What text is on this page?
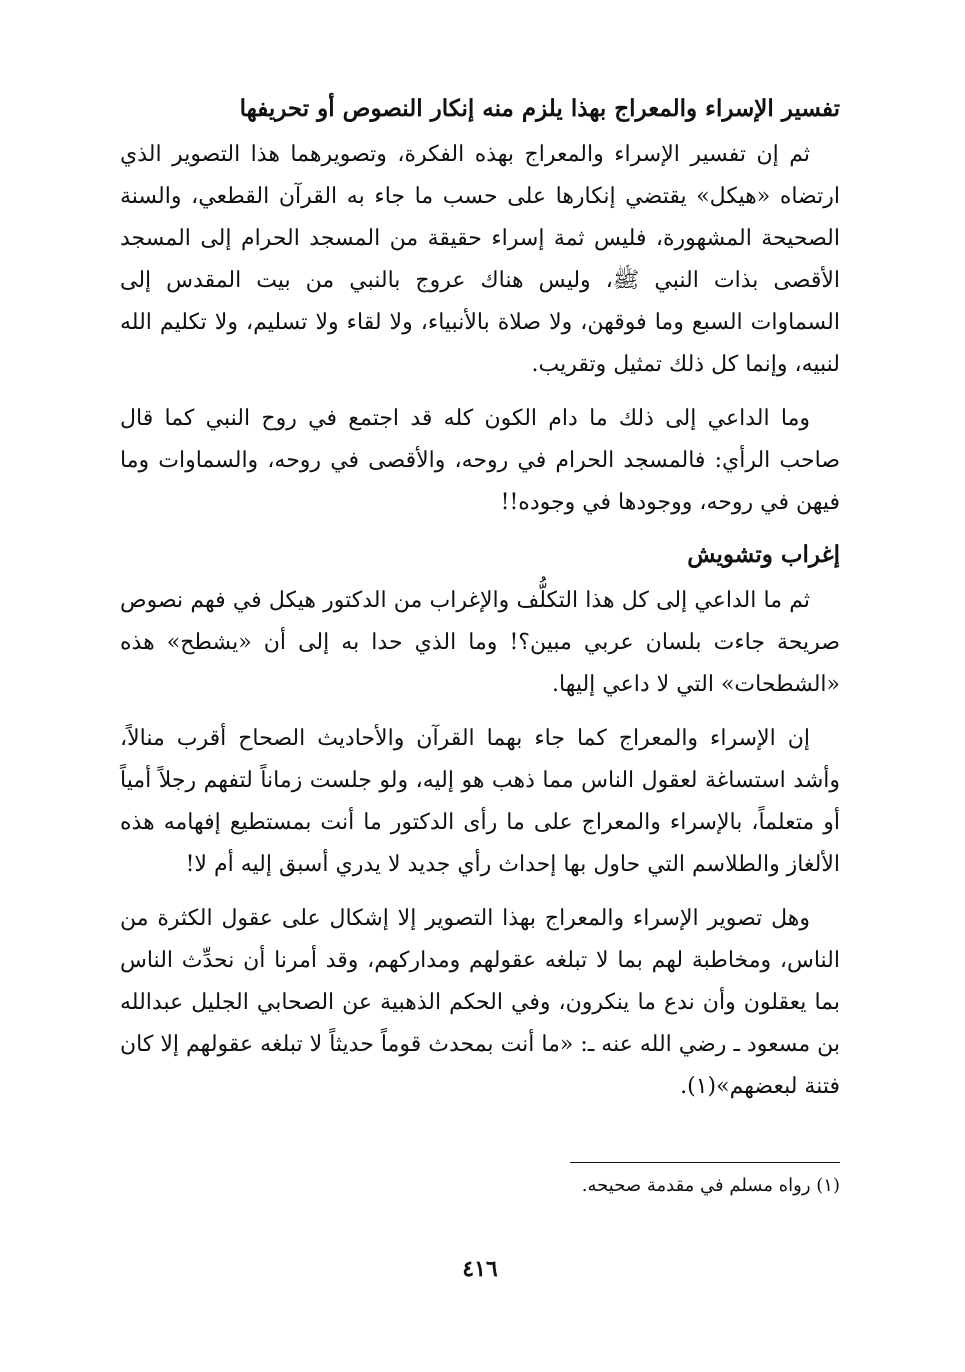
تفسير الإسراء والمعراج بهذا يلزم منه إنكار النصوص أو تحريفها

ثم إن تفسير الإسراء والمعراج بهذه الفكرة، وتصويرهما هذا التصوير الذي ارتضاه «هيكل» يقتضي إنكارها على حسب ما جاء به القرآن القطعي، والسنة الصحيحة المشهورة، فليس ثمة إسراء حقيقة من المسجد الحرام إلى المسجد الأقصى بذات النبي ﷺ، وليس هناك عروج بالنبي من بيت المقدس إلى السماوات السبع وما فوقهن، ولا صلاة بالأنبياء، ولا لقاء ولا تسليم، ولا تكليم الله لنبيه، وإنما كل ذلك تمثيل وتقريب.

وما الداعي إلى ذلك ما دام الكون كله قد اجتمع في روح النبي كما قال صاحب الرأي: فالمسجد الحرام في روحه، والأقصى في روحه، والسماوات وما فيهن في روحه، ووجودها في وجوده!!

إغراب وتشويش

ثم ما الداعي إلى كل هذا التكلُّف والإغراب من الدكتور هيكل في فهم نصوص صريحة جاءت بلسان عربي مبين؟! وما الذي حدا به إلى أن «يشطح» هذه «الشطحات» التي لا داعي إليها.

إن الإسراء والمعراج كما جاء بهما القرآن والأحاديث الصحاح أقرب منالاً، وأشد استساغة لعقول الناس مما ذهب هو إليه، ولو جلست زماناً لتفهم رجلاً أمياً أو متعلماً، بالإسراء والمعراج على ما رأى الدكتور ما أنت بمستطيع إفهامه هذه الألغاز والطلاسم التي حاول بها إحداث رأي جديد لا يدري أسبق إليه أم لا!

وهل تصوير الإسراء والمعراج بهذا التصوير إلا إشكال على عقول الكثرة من الناس، ومخاطبة لهم بما لا تبلغه عقولهم ومداركهم، وقد أمرنا أن نحدِّث الناس بما يعقلون وأن ندع ما ينكرون، وفي الحكم الذهبية عن الصحابي الجليل عبدالله بن مسعود ـ رضي الله عنه ـ: «ما أنت بمحدث قوماً حديثاً لا تبلغه عقولهم إلا كان فتنة لبعضهم»(١).

(١) رواه مسلم في مقدمة صحيحه.
٤١٦
